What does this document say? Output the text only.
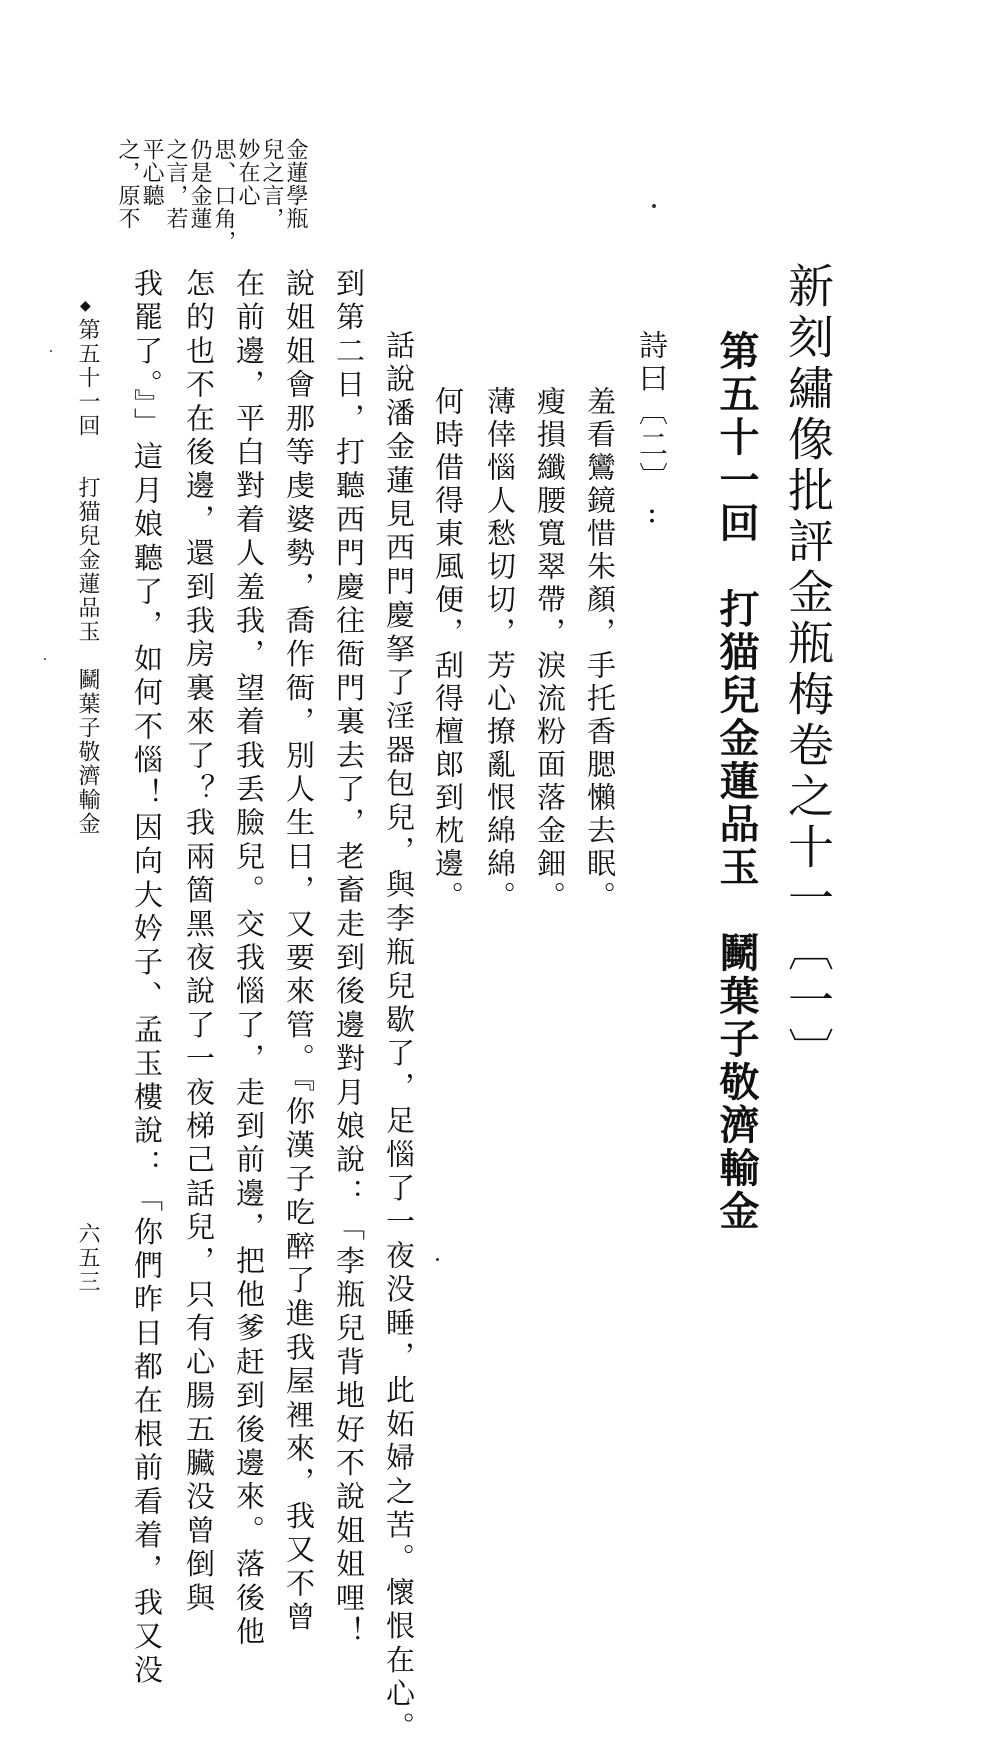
新刻繡像批評金瓶梅卷之十一〔一〕
第五十一回　打猫兒金蓮品玉　鬭葉子敬濟輸金
詩曰〔二〕:
羞看鸞鏡惜朱顏，手托香腮懶去眠。
瘦損纖腰寬翠帶，淚流粉面落金鈿。
薄倖惱人愁切切，芳心撩亂恨綿綿。
何時借得東風便，刮得檀郎到枕邊。
話說潘金蓮見西門慶拏了淫器包兒，與李瓶兒歇了，足惱了一夜没睡，此妬婦之苦。懷恨在心。
到第二日，打聽西門慶往衙門裏去了，老畜走到後邊對月娘說：「李瓶兒背地好不說姐姐哩！
說姐姐會那等虔婆勢，喬作衙，別人生日，又要來管。『你漢子吃醉了進我屋裡來，我又不曾
在前邊，平白對着人羞我，望着我丢臉兒。交我惱了，走到前邊，把他爹赶到後邊來。落後他
怎的也不在後邊，還到我房裏來了？我兩箇黑夜說了一夜梯己話兒，只有心腸五臟没曾倒與
我罷了。』」這月娘聽了，如何不惱！因向大妗子、孟玉樓說：「你們昨日都在根前看着，我又没
金蓮學瓶
兒之言，
妙在心
思、口角，
仍是金蓮
之言，若
平心聽
之，原不
◆
第五十一回
打猫兒金蓮品玉
鬭葉子敬濟輸金
六五三
